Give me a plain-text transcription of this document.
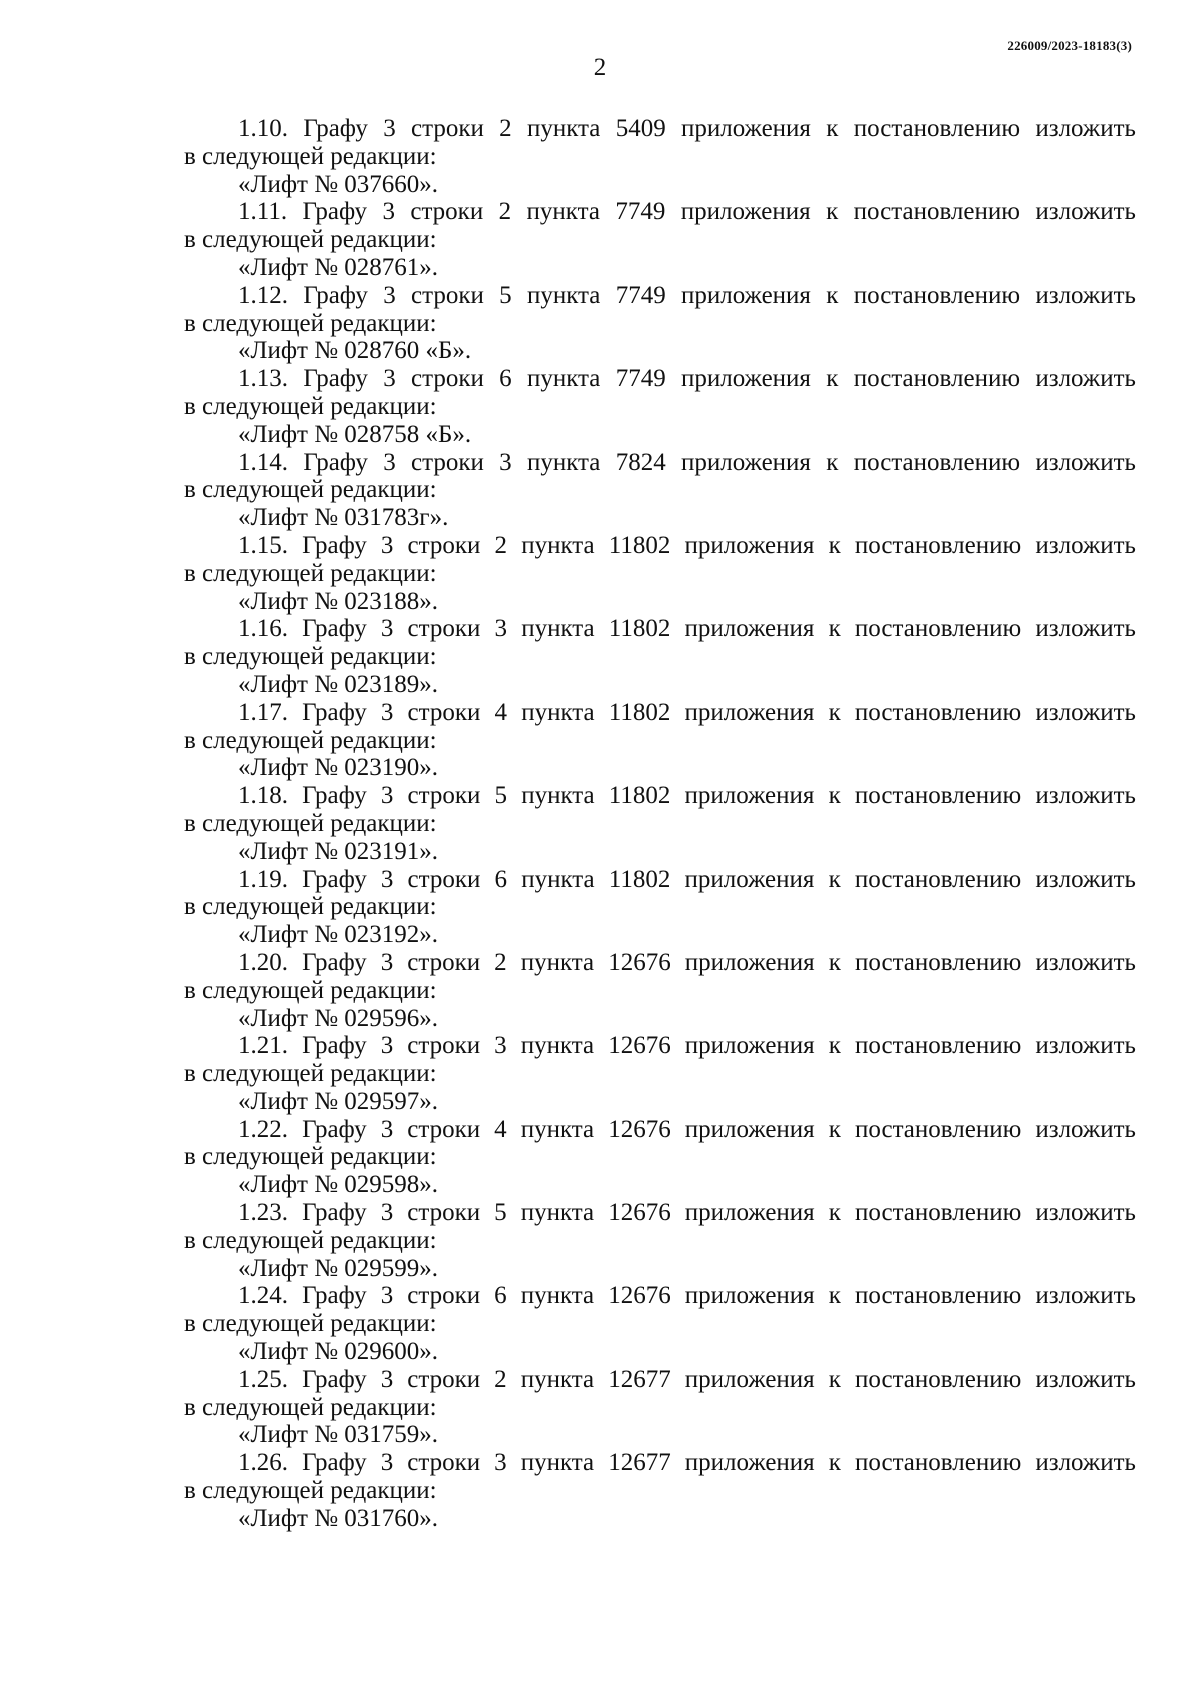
226009/2023-18183(3)
2
1.10. Графу 3 строки 2 пункта 5409 приложения к постановлению изложить
в следующей редакции:
«Лифт № 037660».
1.11. Графу 3 строки 2 пункта 7749 приложения к постановлению изложить
в следующей редакции:
«Лифт № 028761».
1.12. Графу 3 строки 5 пункта 7749 приложения к постановлению изложить
в следующей редакции:
«Лифт № 028760 «Б».
1.13. Графу 3 строки 6 пункта 7749 приложения к постановлению изложить
в следующей редакции:
«Лифт № 028758 «Б».
1.14. Графу 3 строки 3 пункта 7824 приложения к постановлению изложить
в следующей редакции:
«Лифт № 031783г».
1.15. Графу 3 строки 2 пункта 11802 приложения к постановлению изложить
в следующей редакции:
«Лифт № 023188».
1.16. Графу 3 строки 3 пункта 11802 приложения к постановлению изложить
в следующей редакции:
«Лифт № 023189».
1.17. Графу 3 строки 4 пункта 11802 приложения к постановлению изложить
в следующей редакции:
«Лифт № 023190».
1.18. Графу 3 строки 5 пункта 11802 приложения к постановлению изложить
в следующей редакции:
«Лифт № 023191».
1.19. Графу 3 строки 6 пункта 11802 приложения к постановлению изложить
в следующей редакции:
«Лифт № 023192».
1.20. Графу 3 строки 2 пункта 12676 приложения к постановлению изложить
в следующей редакции:
«Лифт № 029596».
1.21. Графу 3 строки 3 пункта 12676 приложения к постановлению изложить
в следующей редакции:
«Лифт № 029597».
1.22. Графу 3 строки 4 пункта 12676 приложения к постановлению изложить
в следующей редакции:
«Лифт № 029598».
1.23. Графу 3 строки 5 пункта 12676 приложения к постановлению изложить
в следующей редакции:
«Лифт № 029599».
1.24. Графу 3 строки 6 пункта 12676 приложения к постановлению изложить
в следующей редакции:
«Лифт № 029600».
1.25. Графу 3 строки 2 пункта 12677 приложения к постановлению изложить
в следующей редакции:
«Лифт № 031759».
1.26. Графу 3 строки 3 пункта 12677 приложения к постановлению изложить
в следующей редакции:
«Лифт № 031760».
